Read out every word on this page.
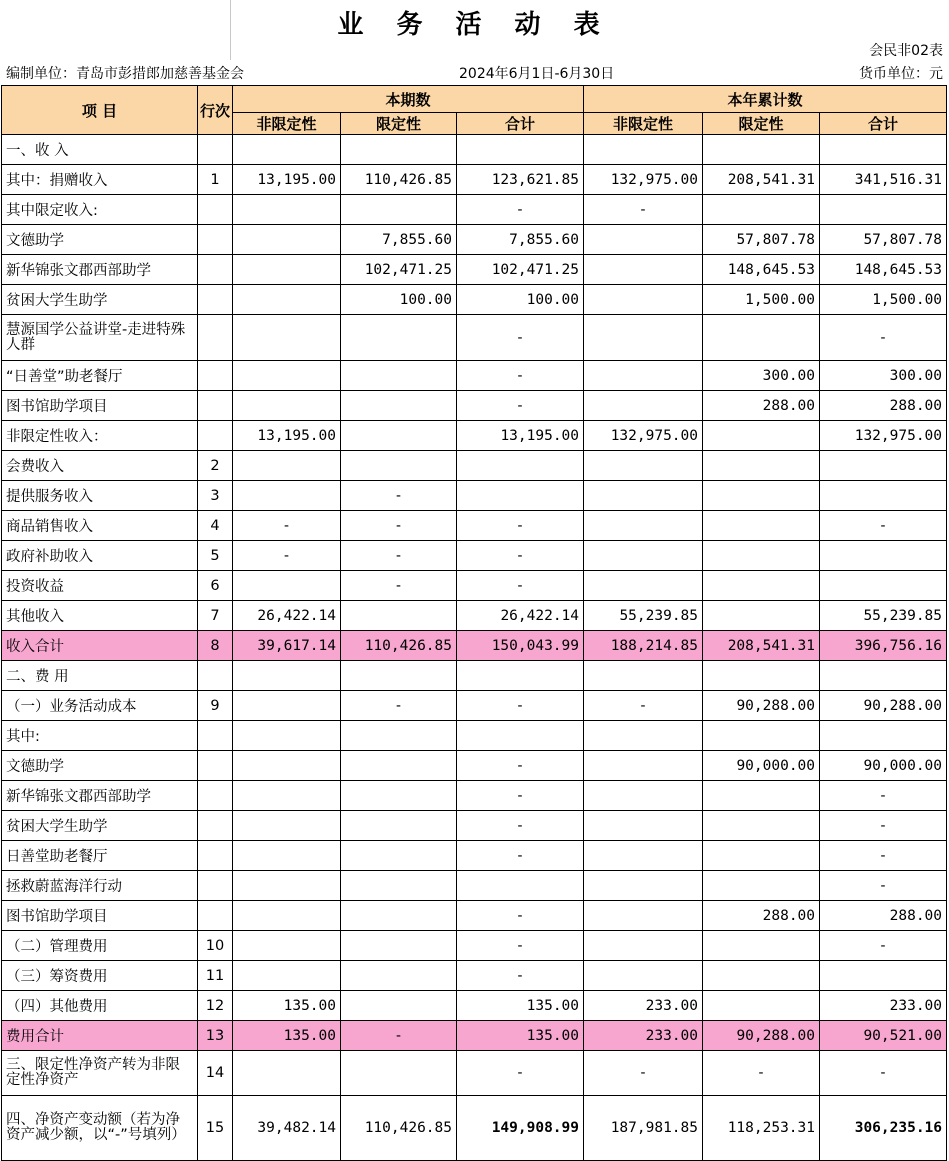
业 务 活 动 表
会民非02表
编制单位：青岛市彭措郎加慈善基金会	2024年6月1日-6月30日	货币单位：元
项 目	行次	本期数			本年累计数		
		非限定性	限定性	合计	非限定性	限定性	合计
一、收 入							
其中：捐赠收入	1	13,195.00	110,426.85	123,621.85	132,975.00	208,541.31	341,516.31
其中限定收入:				-	-		
文德助学			7,855.60	7,855.60		57,807.78	57,807.78
新华锦张文郡西部助学			102,471.25	102,471.25		148,645.53	148,645.53
贫困大学生助学			100.00	100.00		1,500.00	1,500.00
慧源国学公益讲堂-走进特殊人群				-			-
“日善堂”助老餐厅				-		300.00	300.00
图书馆助学项目				-		288.00	288.00
非限定性收入：		13,195.00		13,195.00	132,975.00		132,975.00
会费收入	2						
提供服务收入	3		-				
商品销售收入	4	-	-	-			-
政府补助收入	5	-	-	-			
投资收益	6		-	-			
其他收入	7	26,422.14		26,422.14	55,239.85		55,239.85
收入合计	8	39,617.14	110,426.85	150,043.99	188,214.85	208,541.31	396,756.16
二、费 用							
（一）业务活动成本	9		-	-	-	90,288.00	90,288.00
其中:							
文德助学				-		90,000.00	90,000.00
新华锦张文郡西部助学				-			-
贫困大学生助学				-			-
日善堂助老餐厅				-			-
拯救蔚蓝海洋行动							-
图书馆助学项目				-		288.00	288.00
（二）管理费用	10			-			-
（三）筹资费用	11			-			
（四）其他费用	12	135.00		135.00	233.00		233.00
费用合计	13	135.00	-	135.00	233.00	90,288.00	90,521.00
三、限定性净资产转为非限定性净资产	14			-	-	-	-
四、净资产变动额（若为净资产减少额，以“-”号填列）	15	39,482.14	110,426.85	149,908.99	187,981.85	118,253.31	306,235.16
